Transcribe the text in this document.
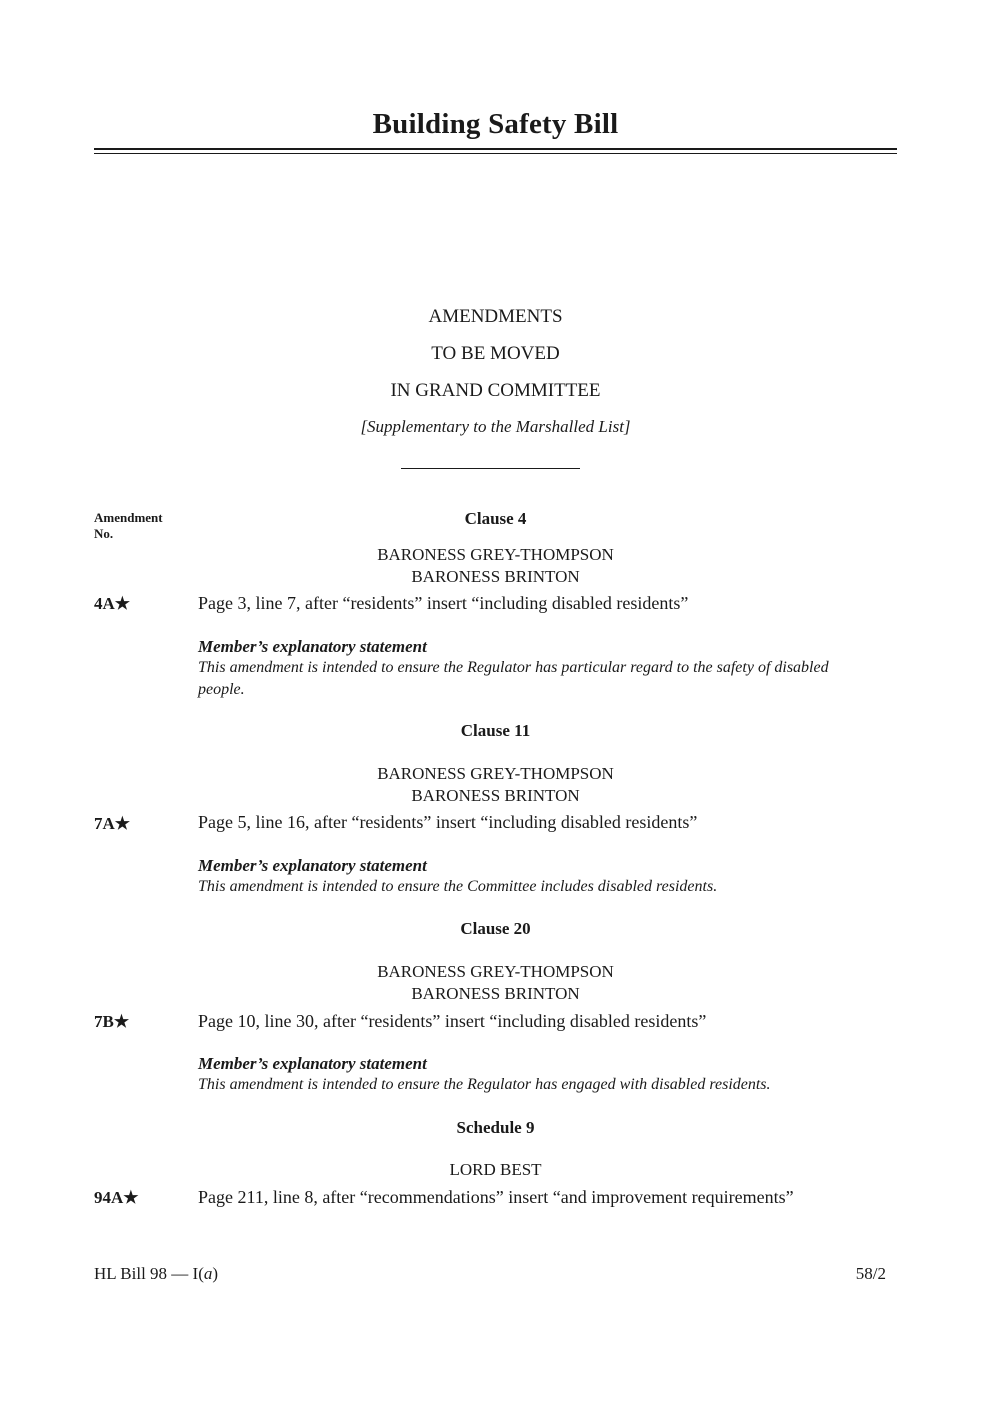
Building Safety Bill
AMENDMENTS
TO BE MOVED
IN GRAND COMMITTEE
[Supplementary to the Marshalled List]
Amendment No.
Clause 4
BARONESS GREY-THOMPSON
BARONESS BRINTON
4A★	Page 3, line 7, after “residents” insert “including disabled residents”
Member’s explanatory statement
This amendment is intended to ensure the Regulator has particular regard to the safety of disabled people.
Clause 11
BARONESS GREY-THOMPSON
BARONESS BRINTON
7A★	Page 5, line 16, after “residents” insert “including disabled residents”
Member’s explanatory statement
This amendment is intended to ensure the Committee includes disabled residents.
Clause 20
BARONESS GREY-THOMPSON
BARONESS BRINTON
7B★	Page 10, line 30, after “residents” insert “including disabled residents”
Member’s explanatory statement
This amendment is intended to ensure the Regulator has engaged with disabled residents.
Schedule 9
LORD BEST
94A★	Page 211, line 8, after “recommendations” insert “and improvement requirements”
HL Bill 98 — I(a)	58/2
